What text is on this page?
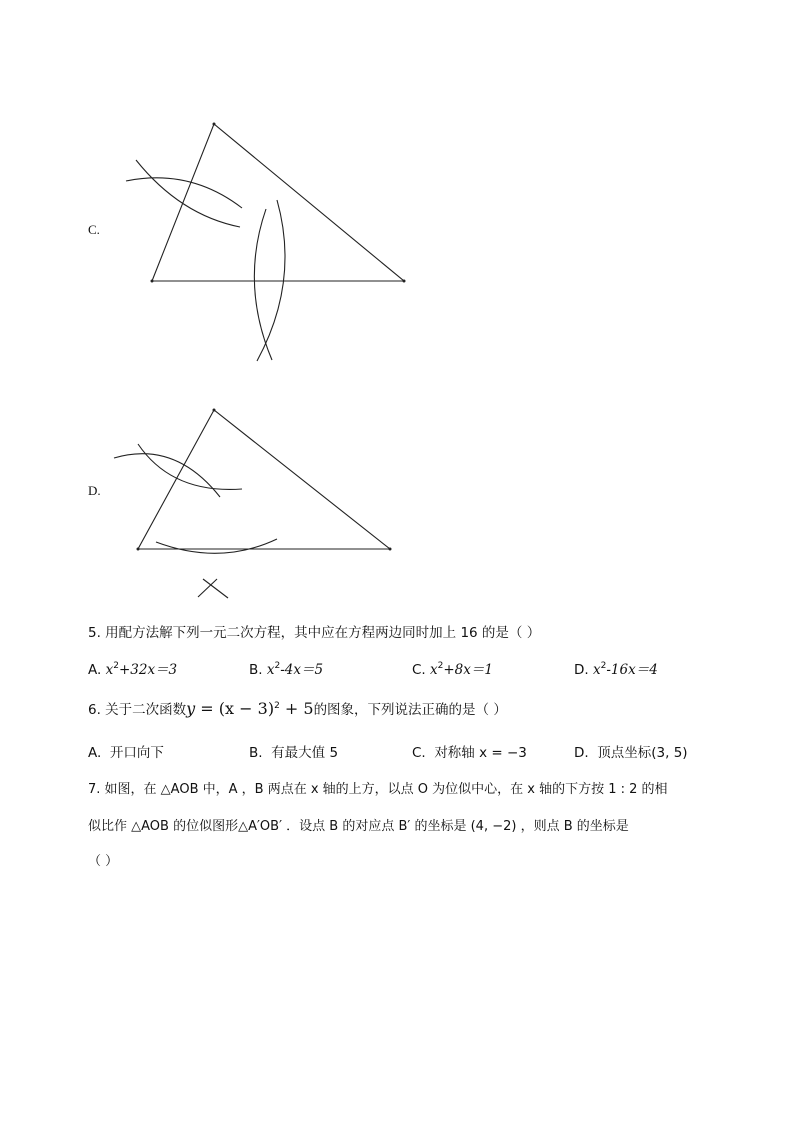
C.
D.
5. 用配方法解下列一元二次方程，其中应在方程两边同时加上 16 的是（ ）
A. $x^2+32x=3$	B. $x^2-4x=5$	C. $x^2+8x=1$	D. $x^2-16x=4$
6. 关于二次函数$y = (x - 3)^2 + 5$的图象，下列说法正确的是（ ）
A. 开口向下	B. 有最大值 5	C. 对称轴 x = −3	D. 顶点坐标(3, 5)
7. 如图，在 △AOB 中，A ，B 两点在 x 轴的上方，以点 O 为位似中心，在 x 轴的下方按 1 : 2 的相
似比作 △AOB 的位似图形△A′OB′ ．设点 B 的对应点 B′ 的坐标是 (4, −2) ，则点 B 的坐标是
（ ）
